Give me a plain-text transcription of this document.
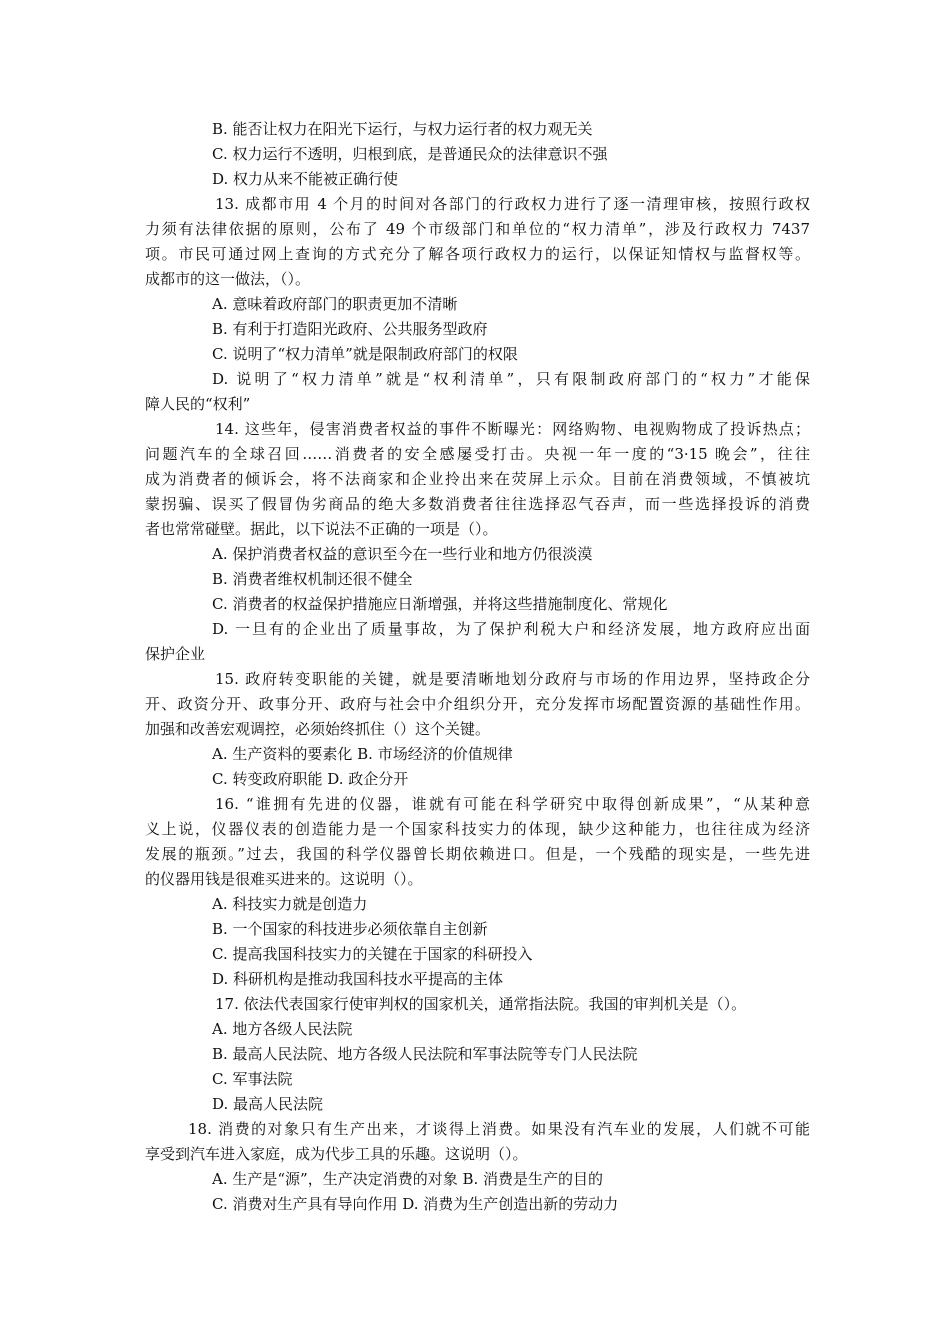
B. 能否让权力在阳光下运行，与权力运行者的权力观无关
C. 权力运行不透明，归根到底，是普通民众的法律意识不强
D. 权力从来不能被正确行使
13. 成都市用 4 个月的时间对各部门的行政权力进行了逐一清理审核，按照行政权
力须有法律依据的原则，公布了 49 个市级部门和单位的“权力清单”，涉及行政权力 7437
项。市民可通过网上查询的方式充分了解各项行政权力的运行，以保证知情权与监督权等。
成都市的这一做法，（）。
A. 意味着政府部门的职责更加不清晰
B. 有利于打造阳光政府、公共服务型政府
C. 说明了“权力清单”就是限制政府部门的权限
D. 说明了“权力清单”就是“权利清单”，只有限制政府部门的“权力”才能保
障人民的“权利”
14. 这些年，侵害消费者权益的事件不断曝光：网络购物、电视购物成了投诉热点；
问题汽车的全球召回……消费者的安全感屡受打击。央视一年一度的“3·15 晚会”，往往
成为消费者的倾诉会，将不法商家和企业拎出来在荧屏上示众。目前在消费领域，不慎被坑
蒙拐骗、误买了假冒伪劣商品的绝大多数消费者往往选择忍气吞声，而一些选择投诉的消费
者也常常碰壁。据此，以下说法不正确的一项是（）。
A. 保护消费者权益的意识至今在一些行业和地方仍很淡漠
B. 消费者维权机制还很不健全
C. 消费者的权益保护措施应日渐增强，并将这些措施制度化、常规化
D. 一旦有的企业出了质量事故，为了保护利税大户和经济发展，地方政府应出面
保护企业
15. 政府转变职能的关键，就是要清晰地划分政府与市场的作用边界，坚持政企分
开、政资分开、政事分开、政府与社会中介组织分开，充分发挥市场配置资源的基础性作用。
加强和改善宏观调控，必须始终抓住（）这个关键。
A. 生产资料的要素化 B. 市场经济的价值规律
C. 转变政府职能 D. 政企分开
16. “谁拥有先进的仪器，谁就有可能在科学研究中取得创新成果”，“从某种意
义上说，仪器仪表的创造能力是一个国家科技实力的体现，缺少这种能力，也往往成为经济
发展的瓶颈。”过去，我国的科学仪器曾长期依赖进口。但是，一个残酷的现实是，一些先进
的仪器用钱是很难买进来的。这说明（）。
A. 科技实力就是创造力
B. 一个国家的科技进步必须依靠自主创新
C. 提高我国科技实力的关键在于国家的科研投入
D. 科研机构是推动我国科技水平提高的主体
17. 依法代表国家行使审判权的国家机关，通常指法院。我国的审判机关是（）。
A. 地方各级人民法院
B. 最高人民法院、地方各级人民法院和军事法院等专门人民法院
C. 军事法院
D. 最高人民法院
18. 消费的对象只有生产出来，才谈得上消费。如果没有汽车业的发展，人们就不可能
享受到汽车进入家庭，成为代步工具的乐趣。这说明（）。
A. 生产是“源”，生产决定消费的对象 B. 消费是生产的目的
C. 消费对生产具有导向作用 D. 消费为生产创造出新的劳动力
